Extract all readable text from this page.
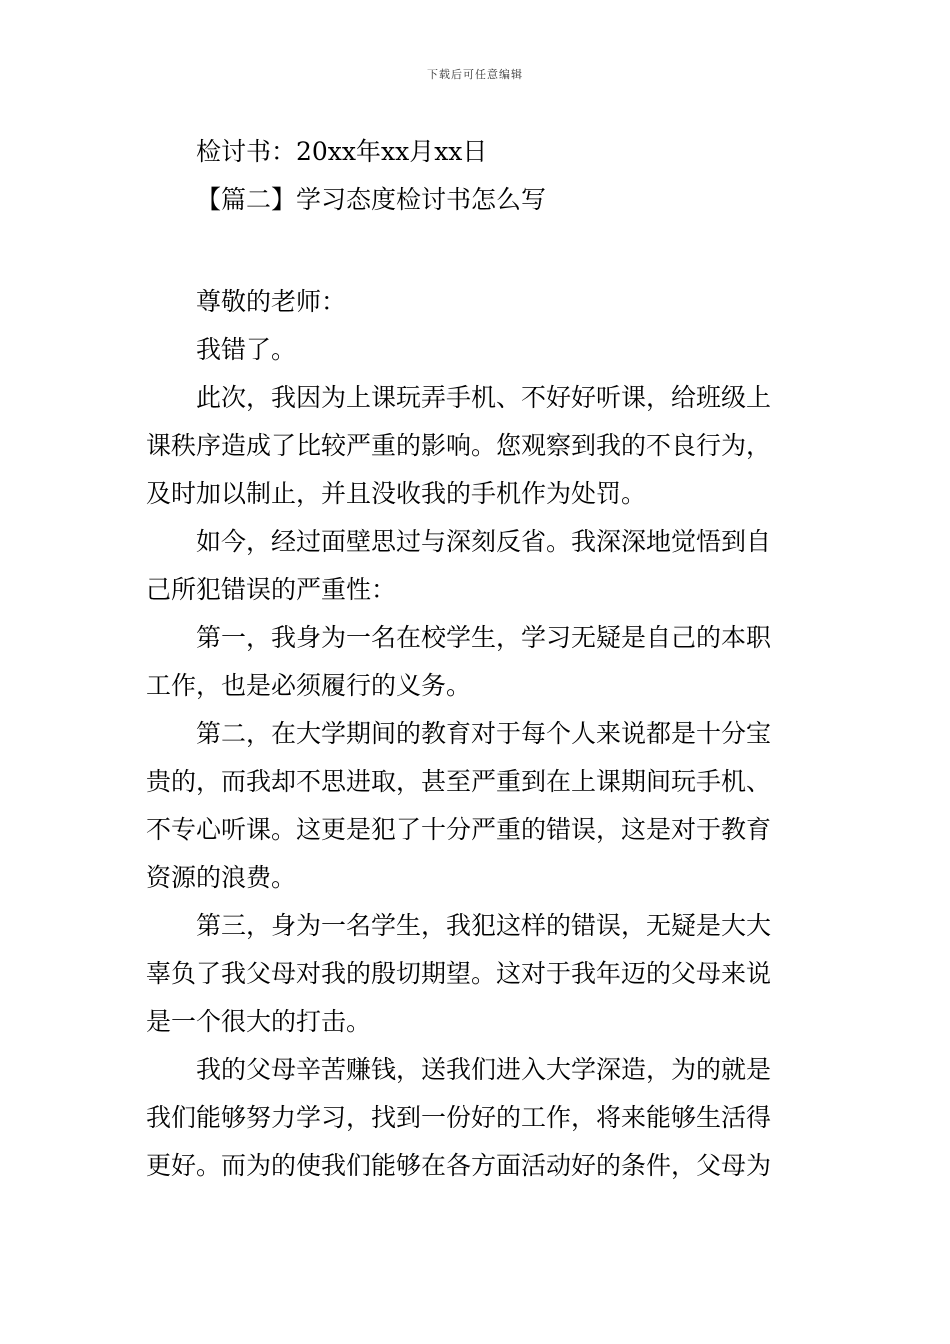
下载后可任意编辑
检讨书：20xx年xx月xx日
【篇二】学习态度检讨书怎么写
尊敬的老师：
我错了。
此次，我因为上课玩弄手机、不好好听课，给班级上
课秩序造成了比较严重的影响。您观察到我的不良行为，
及时加以制止，并且没收我的手机作为处罚。
如今，经过面壁思过与深刻反省。我深深地觉悟到自
己所犯错误的严重性：
第一，我身为一名在校学生，学习无疑是自己的本职
工作，也是必须履行的义务。
第二，在大学期间的教育对于每个人来说都是十分宝
贵的，而我却不思进取，甚至严重到在上课期间玩手机、
不专心听课。这更是犯了十分严重的错误，这是对于教育
资源的浪费。
第三，身为一名学生，我犯这样的错误，无疑是大大
辜负了我父母对我的殷切期望。这对于我年迈的父母来说
是一个很大的打击。
我的父母辛苦赚钱，送我们进入大学深造，为的就是
我们能够努力学习，找到一份好的工作，将来能够生活得
更好。而为的使我们能够在各方面活动好的条件，父母为
